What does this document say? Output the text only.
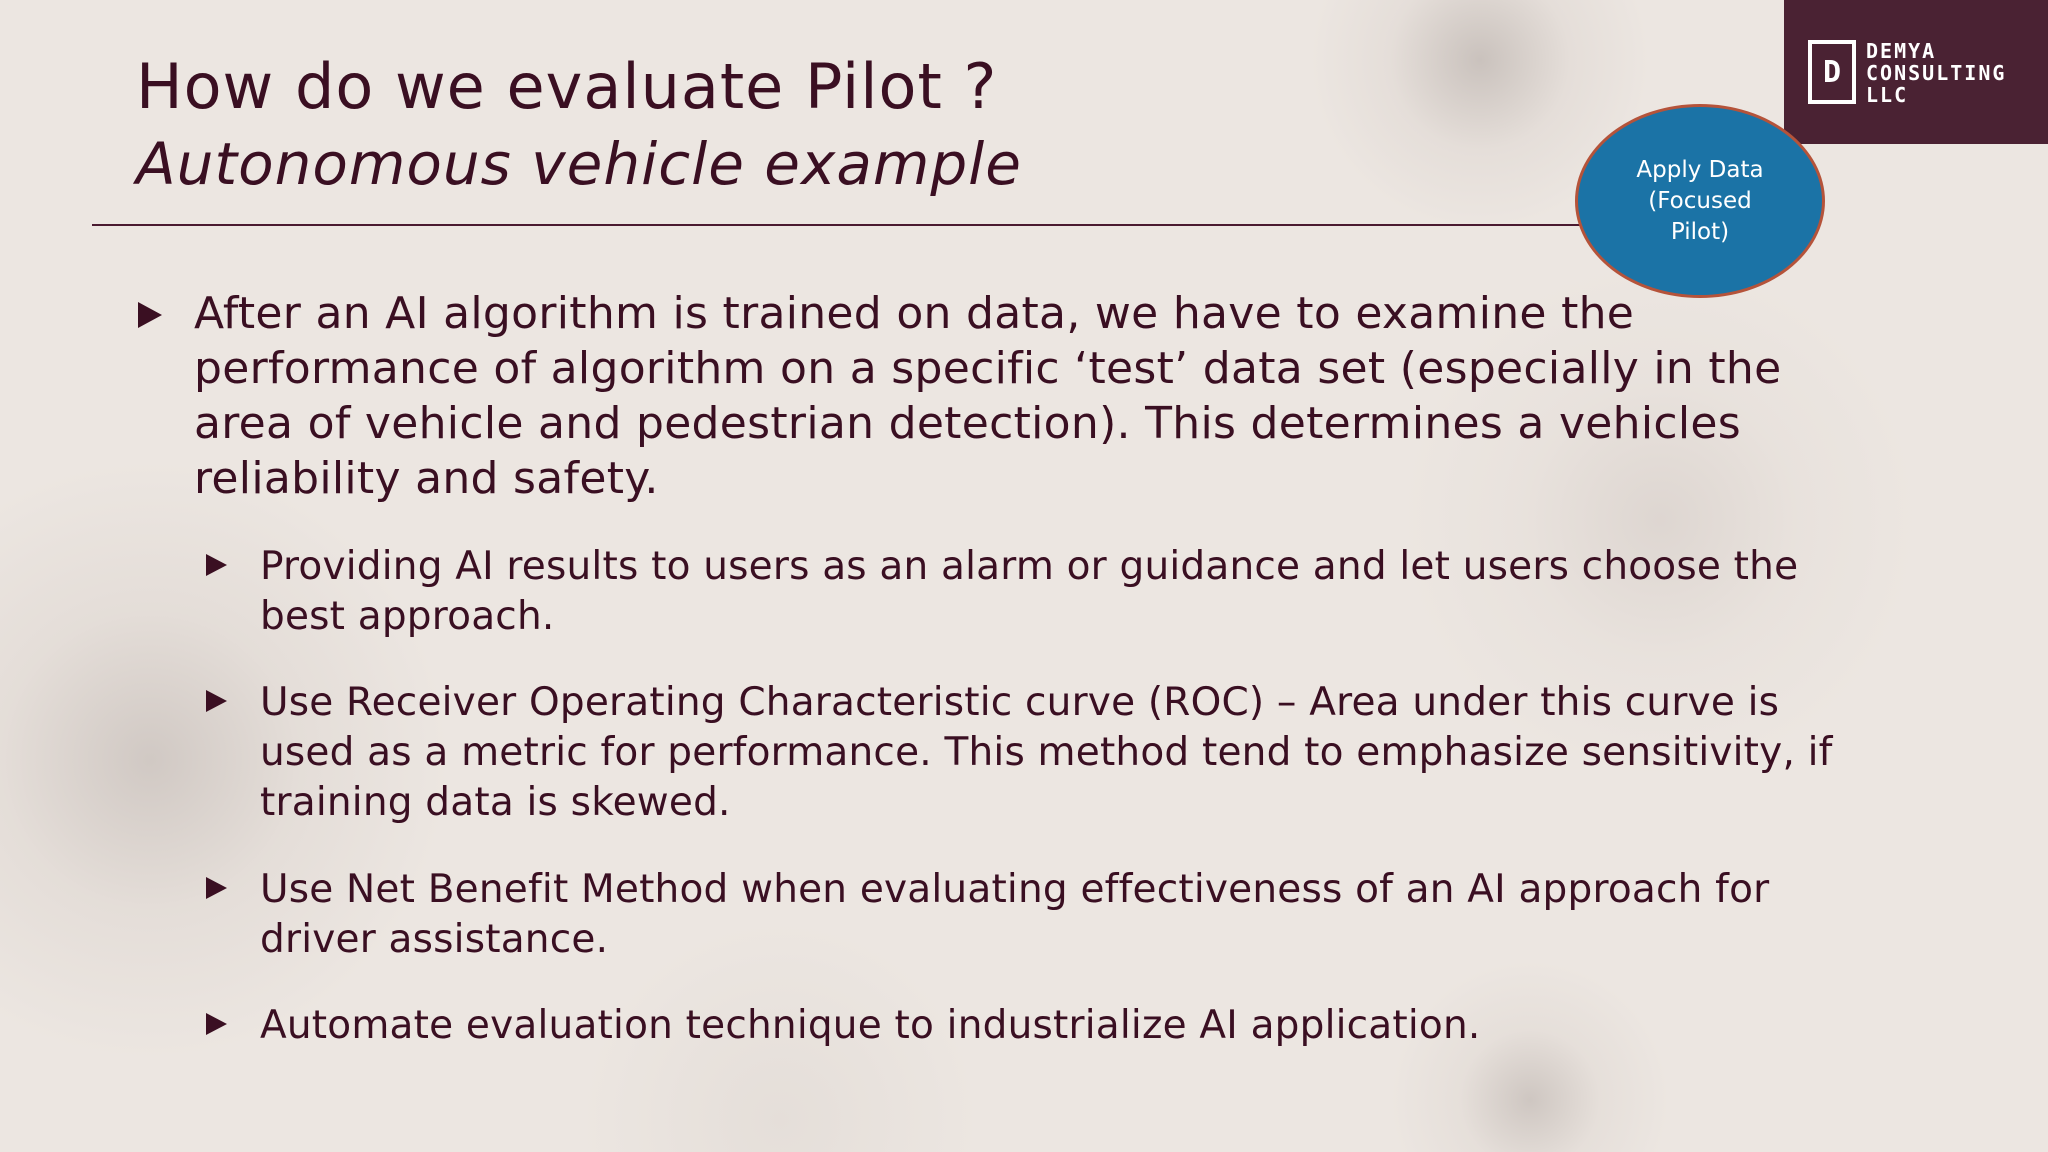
How do we evaluate Pilot ?
Autonomous vehicle example
D
DEMYA
CONSULTING
LLC
Apply Data
(Focused
Pilot)
After an AI algorithm is trained on data, we have to examine the
performance of algorithm on a specific ‘test’ data set (especially in the
area of vehicle and pedestrian detection). This determines a vehicles
reliability and safety.
Providing AI results to users as an alarm or guidance and let users choose the
best approach.
Use Receiver Operating Characteristic curve (ROC) – Area under this curve is
used as a metric for performance. This method tend to emphasize sensitivity, if
training data is skewed.
Use Net Benefit Method when evaluating effectiveness of an AI approach for
driver assistance.
Automate evaluation technique to industrialize AI application.
